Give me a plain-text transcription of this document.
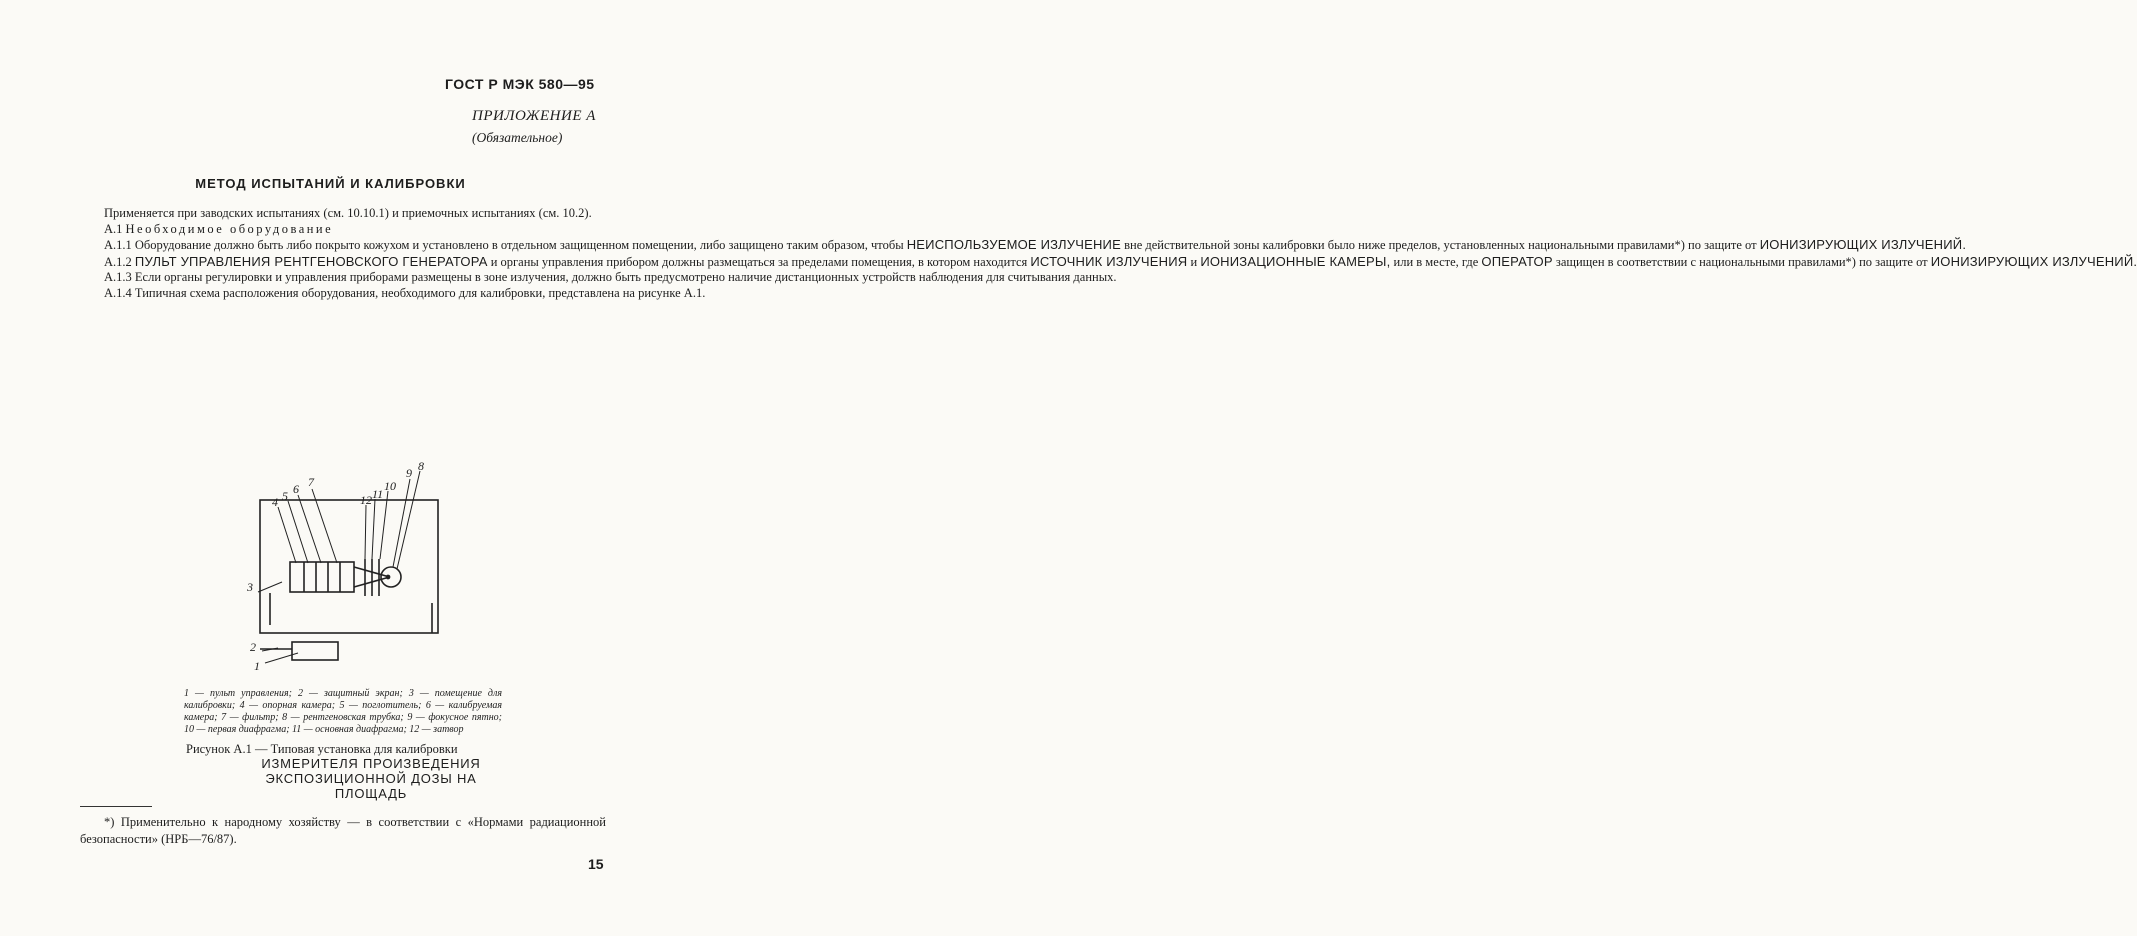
ГОСТ Р МЭК 580—95
ПРИЛОЖЕНИЕ А
(Обязательное)
МЕТОД ИСПЫТАНИЙ И КАЛИБРОВКИ

Применяется при заводских испытаниях (см. 10.10.1) и приемочных испытаниях (см. 10.2).

А.1 Необходимое оборудование

А.1.1 Оборудование должно быть либо покрыто кожухом и установлено в отдельном защищенном помещении, либо защищено таким образом, чтобы НЕИСПОЛЬЗУЕМОЕ ИЗЛУЧЕНИЕ вне действительной зоны калибровки было ниже пределов, установленных национальными правилами*) по защите от ИОНИЗИРУЮЩИХ ИЗЛУЧЕНИЙ.

А.1.2 ПУЛЬТ УПРАВЛЕНИЯ РЕНТГЕНОВСКОГО ГЕНЕРАТОРА и органы управления прибором должны размещаться за пределами помещения, в котором находится ИСТОЧНИК ИЗЛУЧЕНИЯ и ИОНИЗАЦИОННЫЕ КАМЕРЫ, или в месте, где ОПЕРАТОР защищен в соответствии с национальными правилами*) по защите от ИОНИЗИРУЮЩИХ ИЗЛУЧЕНИЙ.

А.1.3 Если органы регулировки и управления приборами размещены в зоне излучения, должно быть предусмотрено наличие дистанционных устройств наблюдения для считывания данных.

А.1.4 Типичная схема расположения оборудования, необходимого для калибровки, представлена на рисунке А.1.

1
2
3
4 5 6 7
8
9
10
11
12
1 — пульт управления; 2 — защитный экран; 3 — помещение для калибровки; 4 — опорная камера; 5 — поглотитель; 6 — калибруемая камера; 7 — фильтр; 8 — рентгеновская трубка; 9 — фокусное пятно; 10 — первая диафрагма; 11 — основная диафрагма; 12 — затвор
Рисунок А.1 — Типовая установка для калибровки
ИЗМЕРИТЕЛЯ ПРОИЗВЕДЕНИЯ ЭКСПОЗИЦИОННОЙ ДОЗЫ НА ПЛОЩАДЬ
*) Применительно к народному хозяйству — в соответствии с «Нормами радиационной безопасности» (НРБ—76/87).
15
